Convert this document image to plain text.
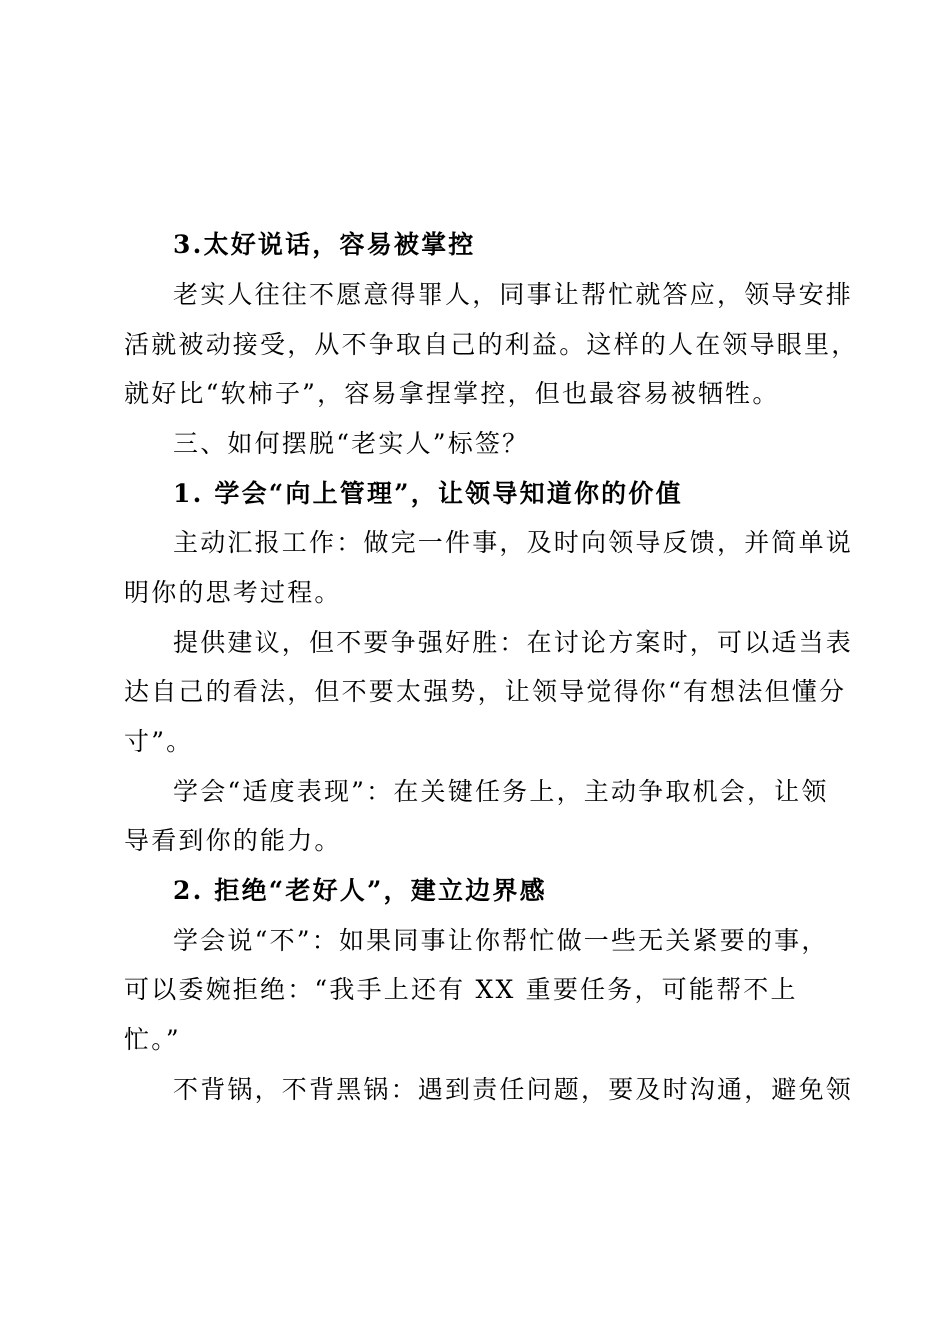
3.太好说话，容易被掌控
老实人往往不愿意得罪人，同事让帮忙就答应，领导安排
活就被动接受，从不争取自己的利益。这样的人在领导眼里，
就好比“软柿子”，容易拿捏掌控，但也最容易被牺牲。
三、如何摆脱“老实人”标签？
1. 学会“向上管理”，让领导知道你的价值
主动汇报工作：做完一件事，及时向领导反馈，并简单说
明你的思考过程。
提供建议，但不要争强好胜：在讨论方案时，可以适当表
达自己的看法，但不要太强势，让领导觉得你“有想法但懂分
寸”。
学会“适度表现”：在关键任务上，主动争取机会，让领
导看到你的能力。
2. 拒绝“老好人”，建立边界感
学会说“不”：如果同事让你帮忙做一些无关紧要的事，
可以委婉拒绝：“我手上还有 XX 重要任务，可能帮不上
忙。”
不背锅，不背黑锅：遇到责任问题，要及时沟通，避免领
